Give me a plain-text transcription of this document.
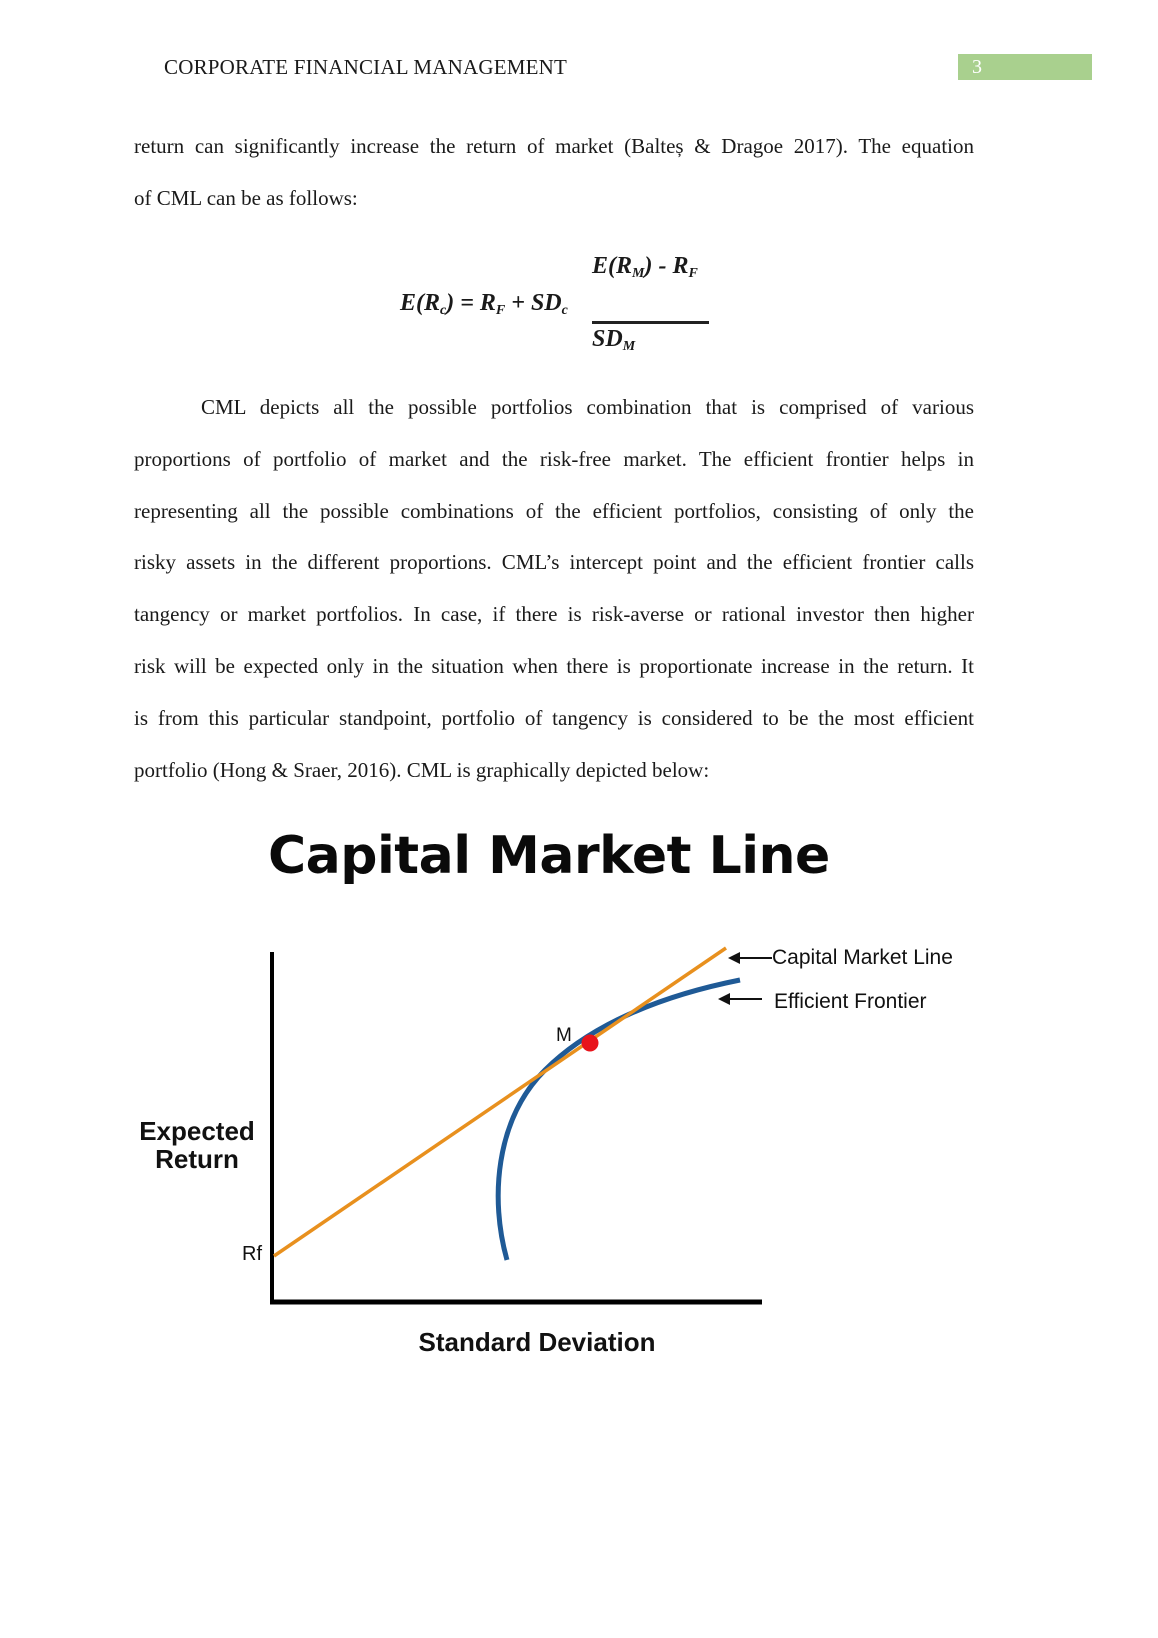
CORPORATE FINANCIAL MANAGEMENT	3
return can significantly increase the return of market (Balteș & Dragoe 2017). The equation
of CML can be as follows:
$E(R_c) = R_F + SD_c$
$E(R_M) - R_F$
$SD_M$
CML depicts all the possible portfolios combination that is comprised of various
proportions of portfolio of market and the risk-free market. The efficient frontier helps in
representing all the possible combinations of the efficient portfolios, consisting of only the
risky assets in the different proportions. CML’s intercept point and the efficient frontier calls
tangency or market portfolios. In case, if there is risk-averse or rational investor then higher
risk will be expected only in the situation when there is proportionate increase in the return. It
is from this particular standpoint, portfolio of tangency is considered to be the most efficient
portfolio (Hong & Sraer, 2016). CML is graphically depicted below:
Capital Market Line
M
Rf
Expected Return
Standard Deviation
Capital Market Line
Efficient Frontier
